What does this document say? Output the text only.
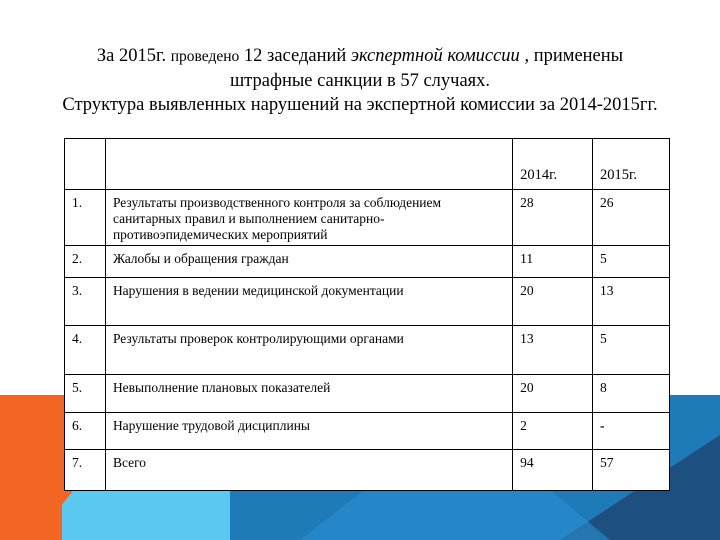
За 2015г. проведено 12 заседаний экспертной комиссии , применены
штрафные санкции в 57 случаях.
Структура выявленных нарушений на экспертной комиссии за 2014-2015гг.
		2014г.	2015г.
1.	Результаты производственного контроля за соблюдением санитарных правил и выполнением санитарно-противоэпидемических мероприятий	28	26
2.	Жалобы и обращения граждан	11	5
3.	Нарушения в ведении медицинской документации	20	13
4.	Результаты проверок контролирующими органами	13	5
5.	Невыполнение плановых показателей	20	8
6.	Нарушение трудовой дисциплины	2	-
7.	Всего	94	57
